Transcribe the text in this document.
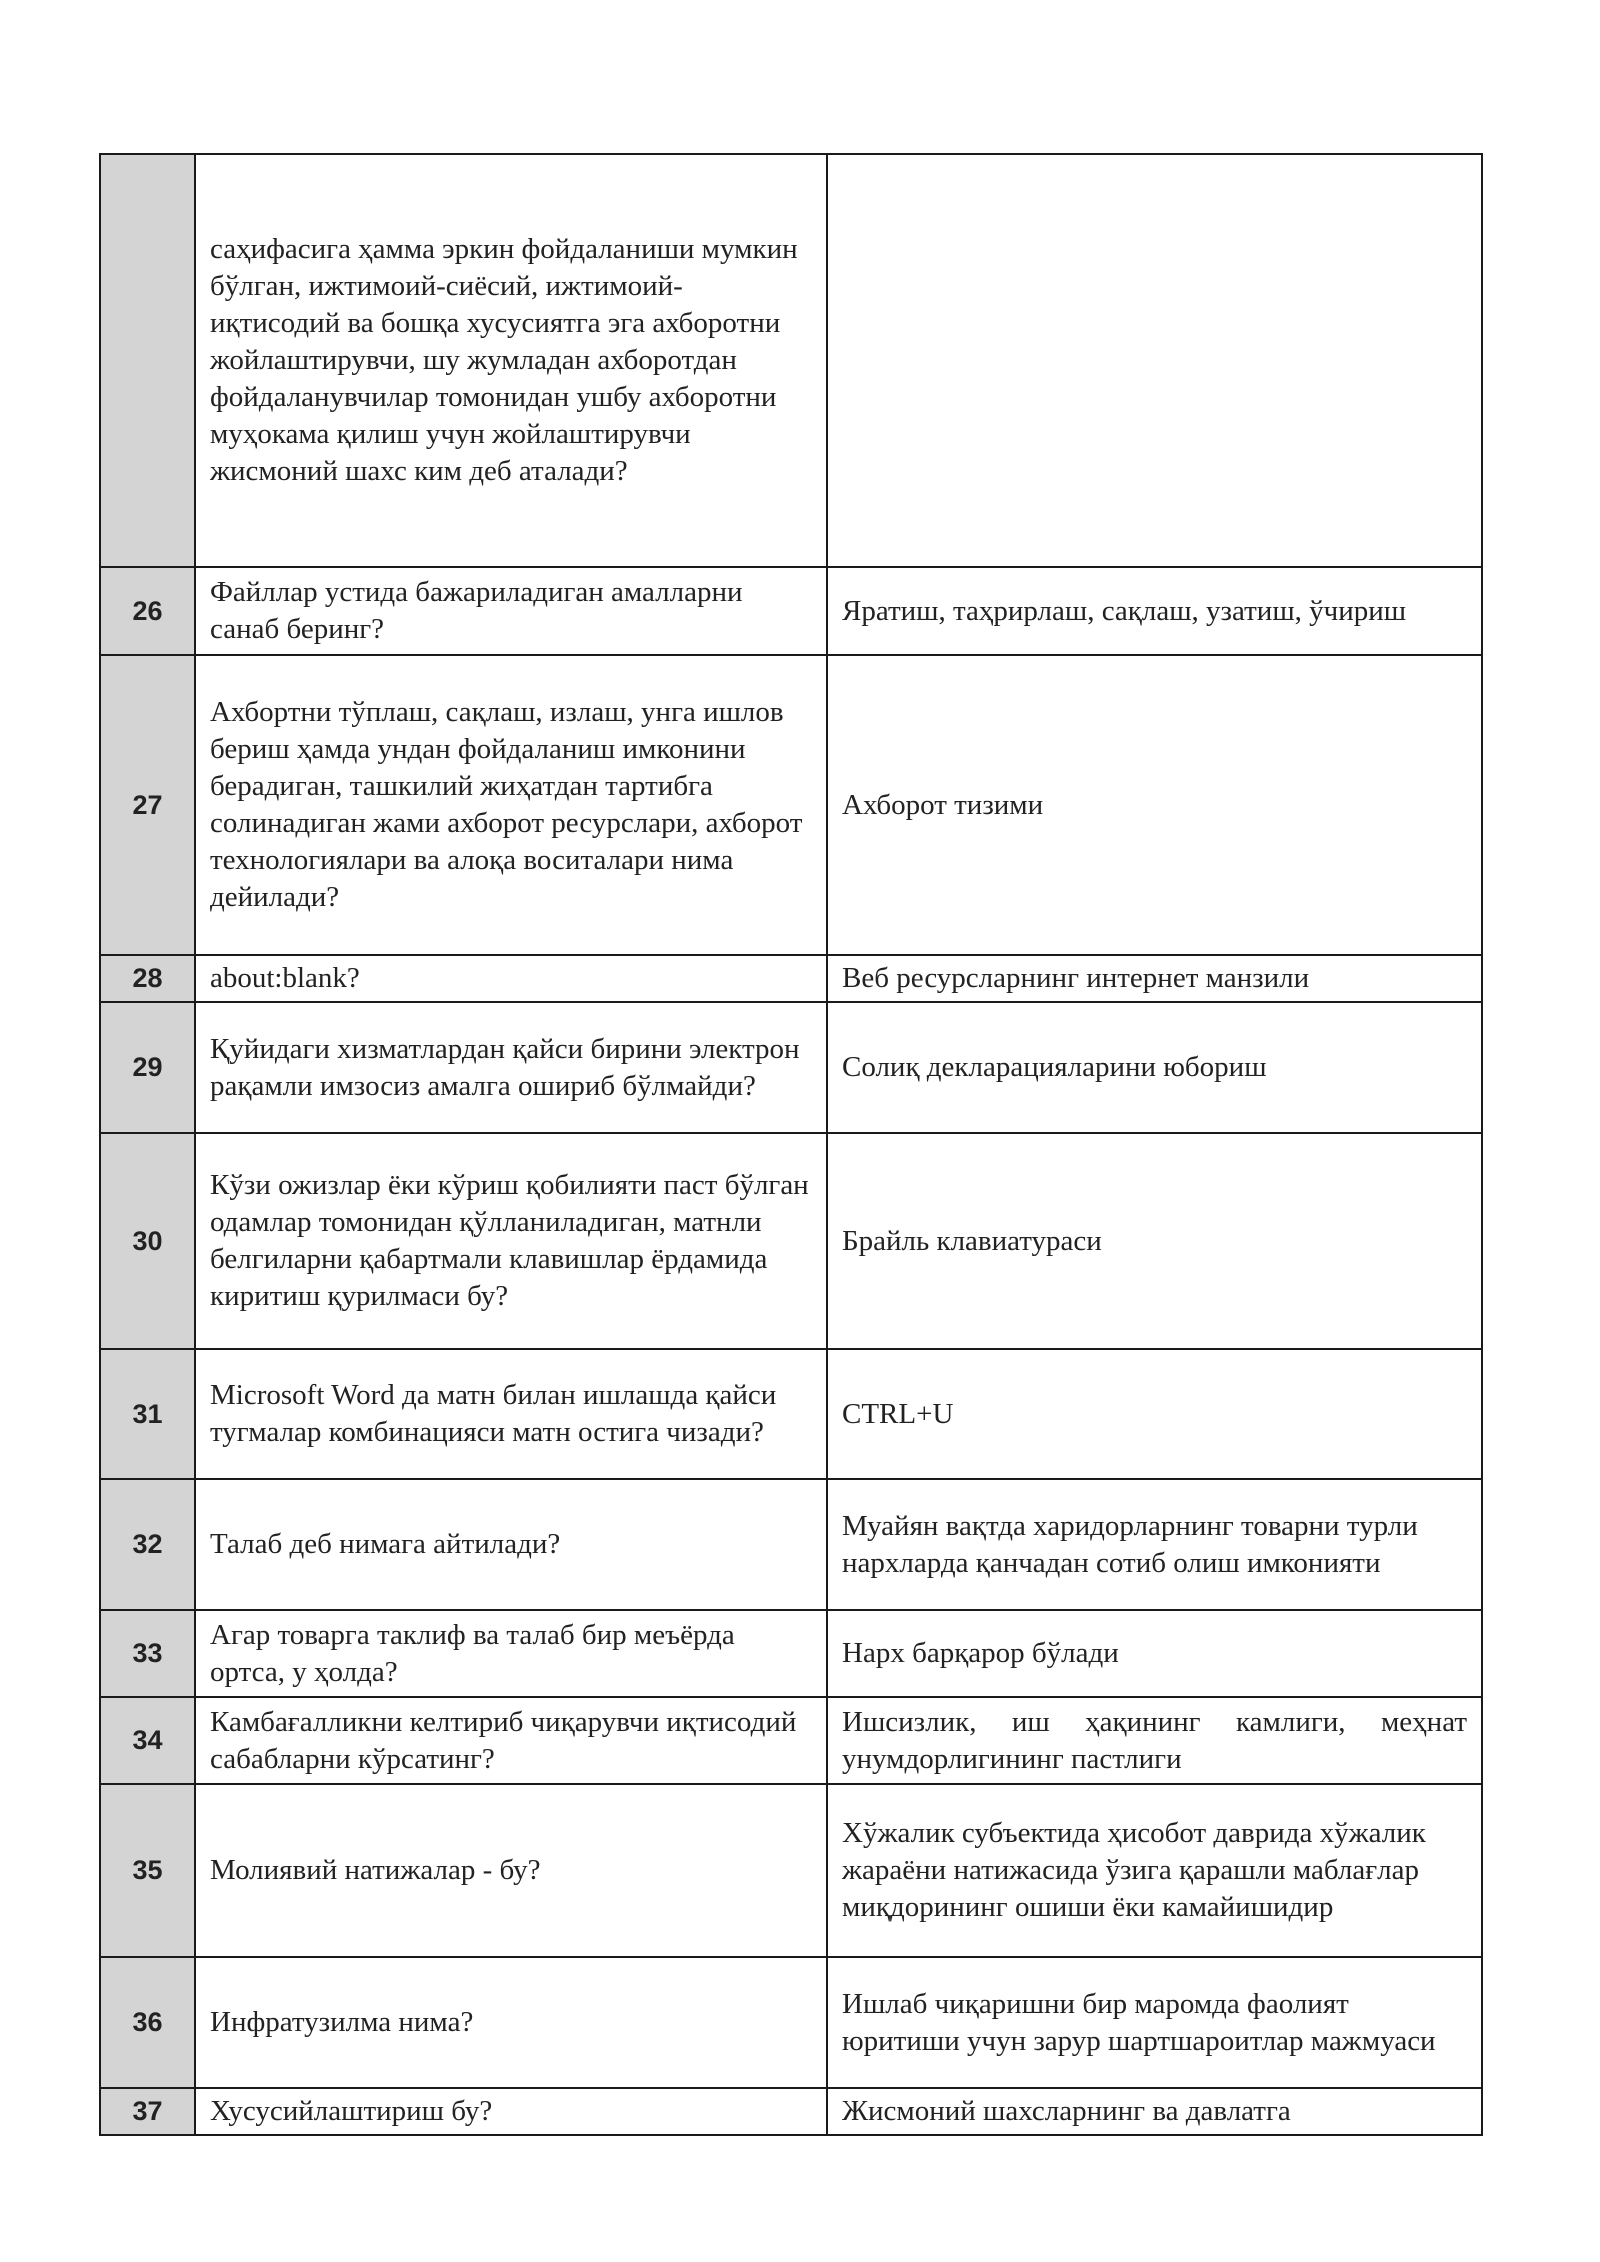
	саҳифасига ҳамма эркин фойдаланиши мумкин бўлган, ижтимоий-сиёсий, ижтимоий-иқтисодий ва бошқа хусусиятга эга ахборотни жойлаштирувчи, шу жумладан ахборотдан фойдаланувчилар томонидан ушбу ахборотни муҳокама қилиш учун жойлаштирувчи жисмоний шахс ким деб аталади?	
26	Файллар устида бажариладиган амалларни санаб беринг?	Яратиш, таҳрирлаш, сақлаш, узатиш, ўчириш
27	Ахбортни тўплаш, сақлаш, излаш, унга ишлов бериш ҳамда ундан фойдаланиш имконини берадиган, ташкилий жиҳатдан тартибга солинадиган жами ахборот ресурслари, ахборот технологиялари ва алоқа воситалари нима дейилади?	Ахборот тизими
28	about:blank?	Веб ресурсларнинг интернет манзили
29	Қуйидаги хизматлардан қайси бирини электрон рақамли имзосиз амалга ошириб бўлмайди?	Солиқ декларацияларини юбориш
30	Кўзи ожизлар ёки кўриш қобилияти паст бўлган одамлар томонидан қўлланиладиган, матнли белгиларни қабартмали клавишлар ёрдамида киритиш қурилмаси бу?	Брайль клавиатураси
31	Microsoft Word да матн билан ишлашда қайси тугмалар комбинацияси матн остига чизади?	CTRL+U
32	Талаб деб нимага айтилади?	Муайян вақтда харидорларнинг товарни турли нархларда қанчадан сотиб олиш имконияти
33	Агар товарга таклиф ва талаб бир меъёрда ортса, у ҳолда?	Нарх барқарор бўлади
34	Камбағалликни келтириб чиқарувчи иқтисодий сабабларни кўрсатинг?	Ишсизлик, иш ҳақининг камлиги, меҳнат унумдорлигининг пастлиги
35	Молиявий натижалар - бу?	Хўжалик субъектида ҳисобот даврида хўжалик жараёни натижасида ўзига қарашли маблағлар миқдорининг ошиши ёки камайишидир
36	Инфратузилма нима?	Ишлаб чиқаришни бир маромда фаолият юритиши учун зарур шартшароитлар мажмуаси
37	Хусусийлаштириш бу?	Жисмоний шахсларнинг ва давлатга
